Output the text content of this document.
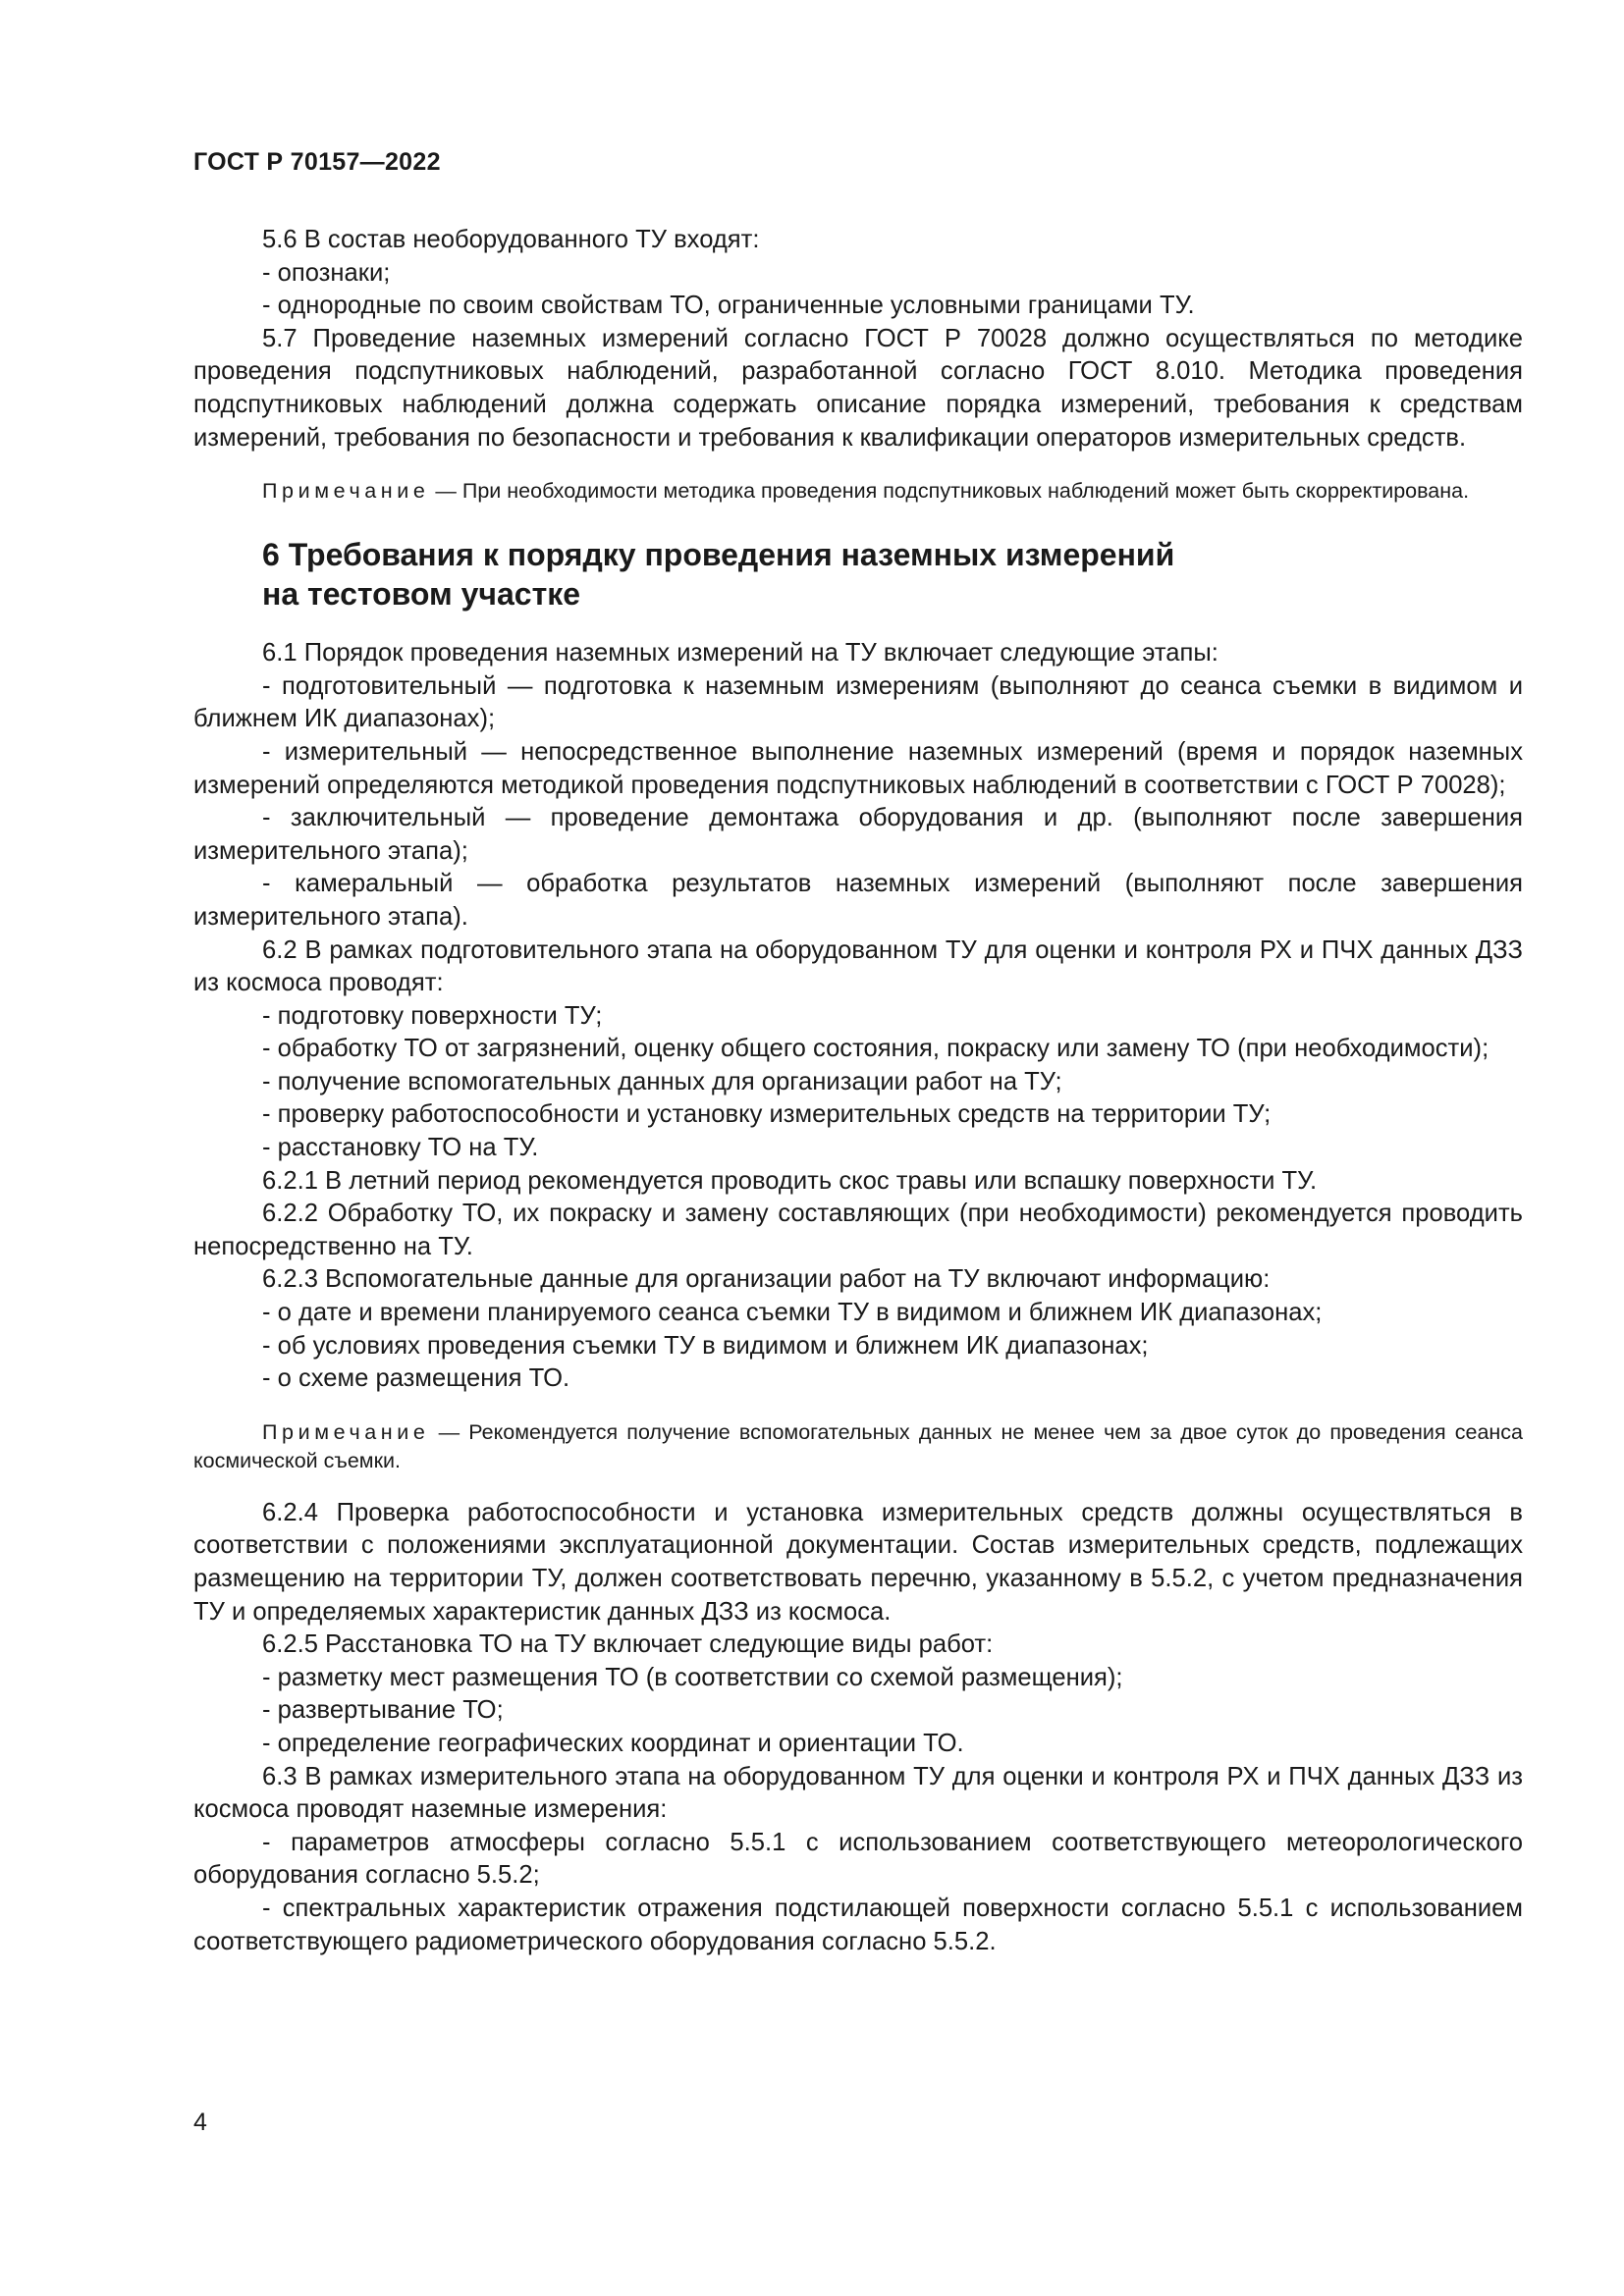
ГОСТ Р 70157—2022

5.6 В состав необорудованного ТУ входят:

- опознаки;

- однородные по своим свойствам ТО, ограниченные условными границами ТУ.

5.7 Проведение наземных измерений согласно ГОСТ Р 70028 должно осуществляться по методике проведения подспутниковых наблюдений, разработанной согласно ГОСТ 8.010. Методика проведения подспутниковых наблюдений должна содержать описание порядка измерений, требования к средствам измерений, требования по безопасности и требования к квалификации операторов измерительных средств.

Примечание — При необходимости методика проведения подспутниковых наблюдений может быть скорректирована.
6 Требования к порядку проведения наземных измерений
на тестовом участке

6.1 Порядок проведения наземных измерений на ТУ включает следующие этапы:

- подготовительный — подготовка к наземным измерениям (выполняют до сеанса съемки в видимом и ближнем ИК диапазонах);

- измерительный — непосредственное выполнение наземных измерений (время и порядок наземных измерений определяются методикой проведения подспутниковых наблюдений в соответствии с ГОСТ Р 70028);

- заключительный — проведение демонтажа оборудования и др. (выполняют после завершения измерительного этапа);

- камеральный — обработка результатов наземных измерений (выполняют после завершения измерительного этапа).

6.2 В рамках подготовительного этапа на оборудованном ТУ для оценки и контроля РХ и ПЧХ данных ДЗЗ из космоса проводят:

- подготовку поверхности ТУ;

- обработку ТО от загрязнений, оценку общего состояния, покраску или замену ТО (при необходимости);

- получение вспомогательных данных для организации работ на ТУ;

- проверку работоспособности и установку измерительных средств на территории ТУ;

- расстановку ТО на ТУ.

6.2.1 В летний период рекомендуется проводить скос травы или вспашку поверхности ТУ.

6.2.2 Обработку ТО, их покраску и замену составляющих (при необходимости) рекомендуется проводить непосредственно на ТУ.

6.2.3 Вспомогательные данные для организации работ на ТУ включают информацию:

- о дате и времени планируемого сеанса съемки ТУ в видимом и ближнем ИК диапазонах;

- об условиях проведения съемки ТУ в видимом и ближнем ИК диапазонах;

- о схеме размещения ТО.

Примечание — Рекомендуется получение вспомогательных данных не менее чем за двое суток до проведения сеанса космической съемки.

6.2.4 Проверка работоспособности и установка измерительных средств должны осуществляться в соответствии с положениями эксплуатационной документации. Состав измерительных средств, подлежащих размещению на территории ТУ, должен соответствовать перечню, указанному в 5.5.2, с учетом предназначения ТУ и определяемых характеристик данных ДЗЗ из космоса.

6.2.5 Расстановка ТО на ТУ включает следующие виды работ:

- разметку мест размещения ТО (в соответствии со схемой размещения);

- развертывание ТО;

- определение географических координат и ориентации ТО.

6.3 В рамках измерительного этапа на оборудованном ТУ для оценки и контроля РХ и ПЧХ данных ДЗЗ из космоса проводят наземные измерения:

- параметров атмосферы согласно 5.5.1 с использованием соответствующего метеорологического оборудования согласно 5.5.2;

- спектральных характеристик отражения подстилающей поверхности согласно 5.5.1 с использованием соответствующего радиометрического оборудования согласно 5.5.2.

4
